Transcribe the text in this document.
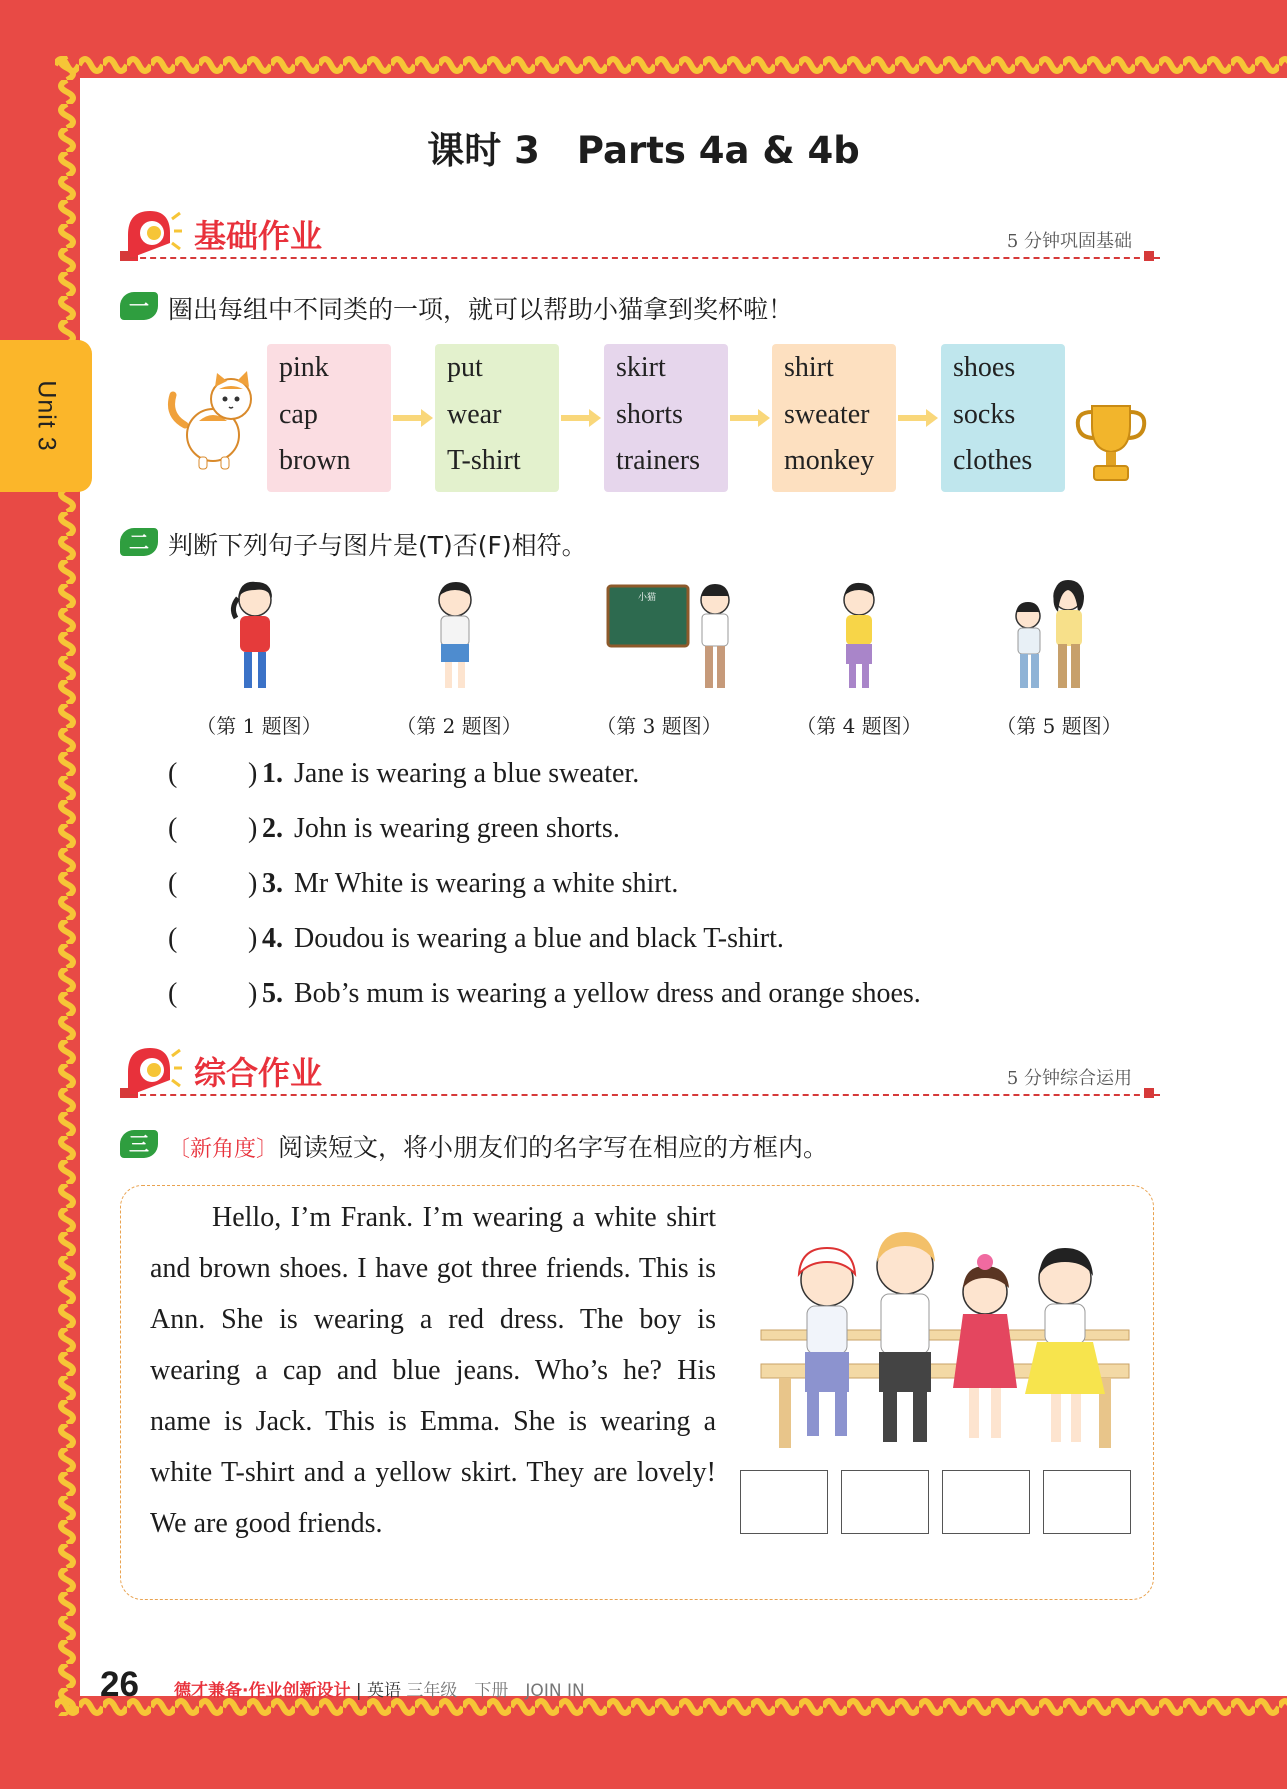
Unit 3
课时 3　Parts 4a & 4b
基础作业	5 分钟巩固基础
一 圈出每组中不同类的一项，就可以帮助小猫拿到奖杯啦！
pink
cap
brown
put
wear
T-shirt
skirt
shorts
trainers
shirt
sweater
monkey
shoes
socks
clothes
二 判断下列句子与图片是(T)否(F)相符。
小猫
（第 1 题图）	（第 2 题图）	（第 3 题图）	（第 4 题图）	（第 5 题图）
(	) 1. Jane is wearing a blue sweater.
(	) 2. John is wearing green shorts.
(	) 3. Mr White is wearing a white shirt.
(	) 4. Doudou is wearing a blue and black T-shirt.
(	) 5. Bob’s mum is wearing a yellow dress and orange shoes.
综合作业	5 分钟综合运用
三 〔新角度〕阅读短文，将小朋友们的名字写在相应的方框内。
Hello, I’m Frank. I’m wearing a white shirt and brown shoes. I have got three friends. This is Ann. She is wearing a red dress. The boy is wearing a cap and blue jeans. Who’s he? His name is Jack. This is Emma. She is wearing a white T-shirt and a yellow skirt. They are lovely! We are good friends.
26 德才兼备·作业创新设计 | 英语 三年级　下册　JOIN IN
